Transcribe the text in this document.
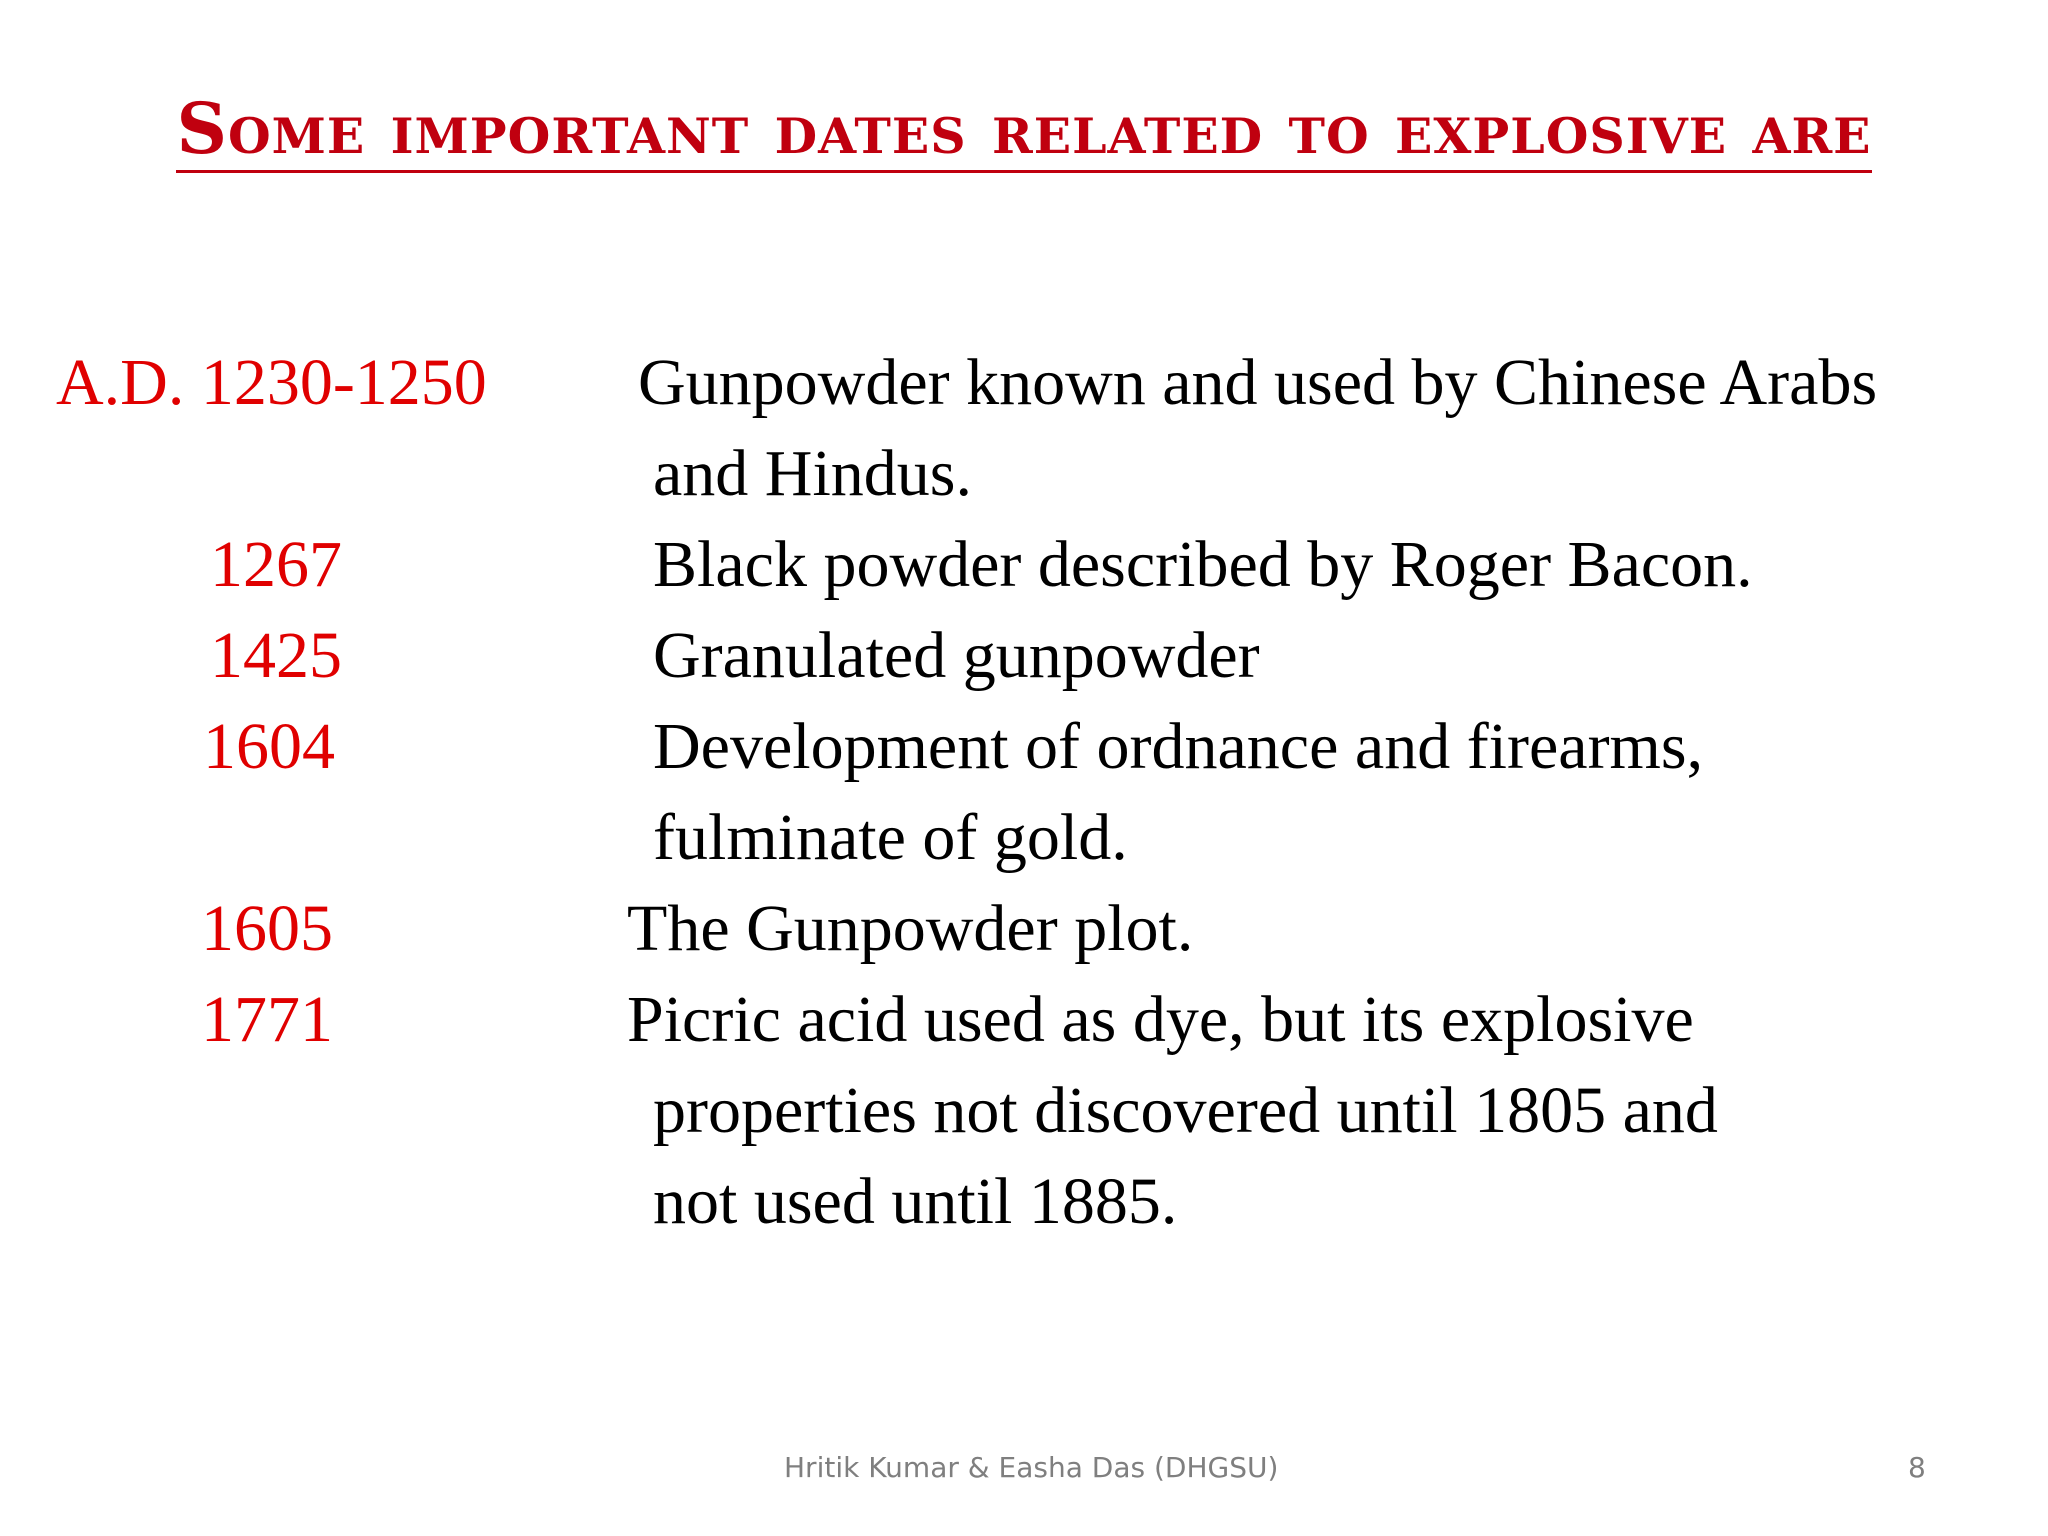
Some important dates related to explosive are
A.D. 1230-1250 Gunpowder known and used by Chinese Arabs
and Hindus.
1267	Black powder described by Roger Bacon.
1425	Granulated gunpowder
1604	Development of ordnance and firearms,
fulminate of gold.
1605	The Gunpowder plot.
1771	Picric acid used as dye, but its explosive
properties not discovered until 1805 and
not used until 1885.
Hritik Kumar & Easha Das (DHGSU)	8
